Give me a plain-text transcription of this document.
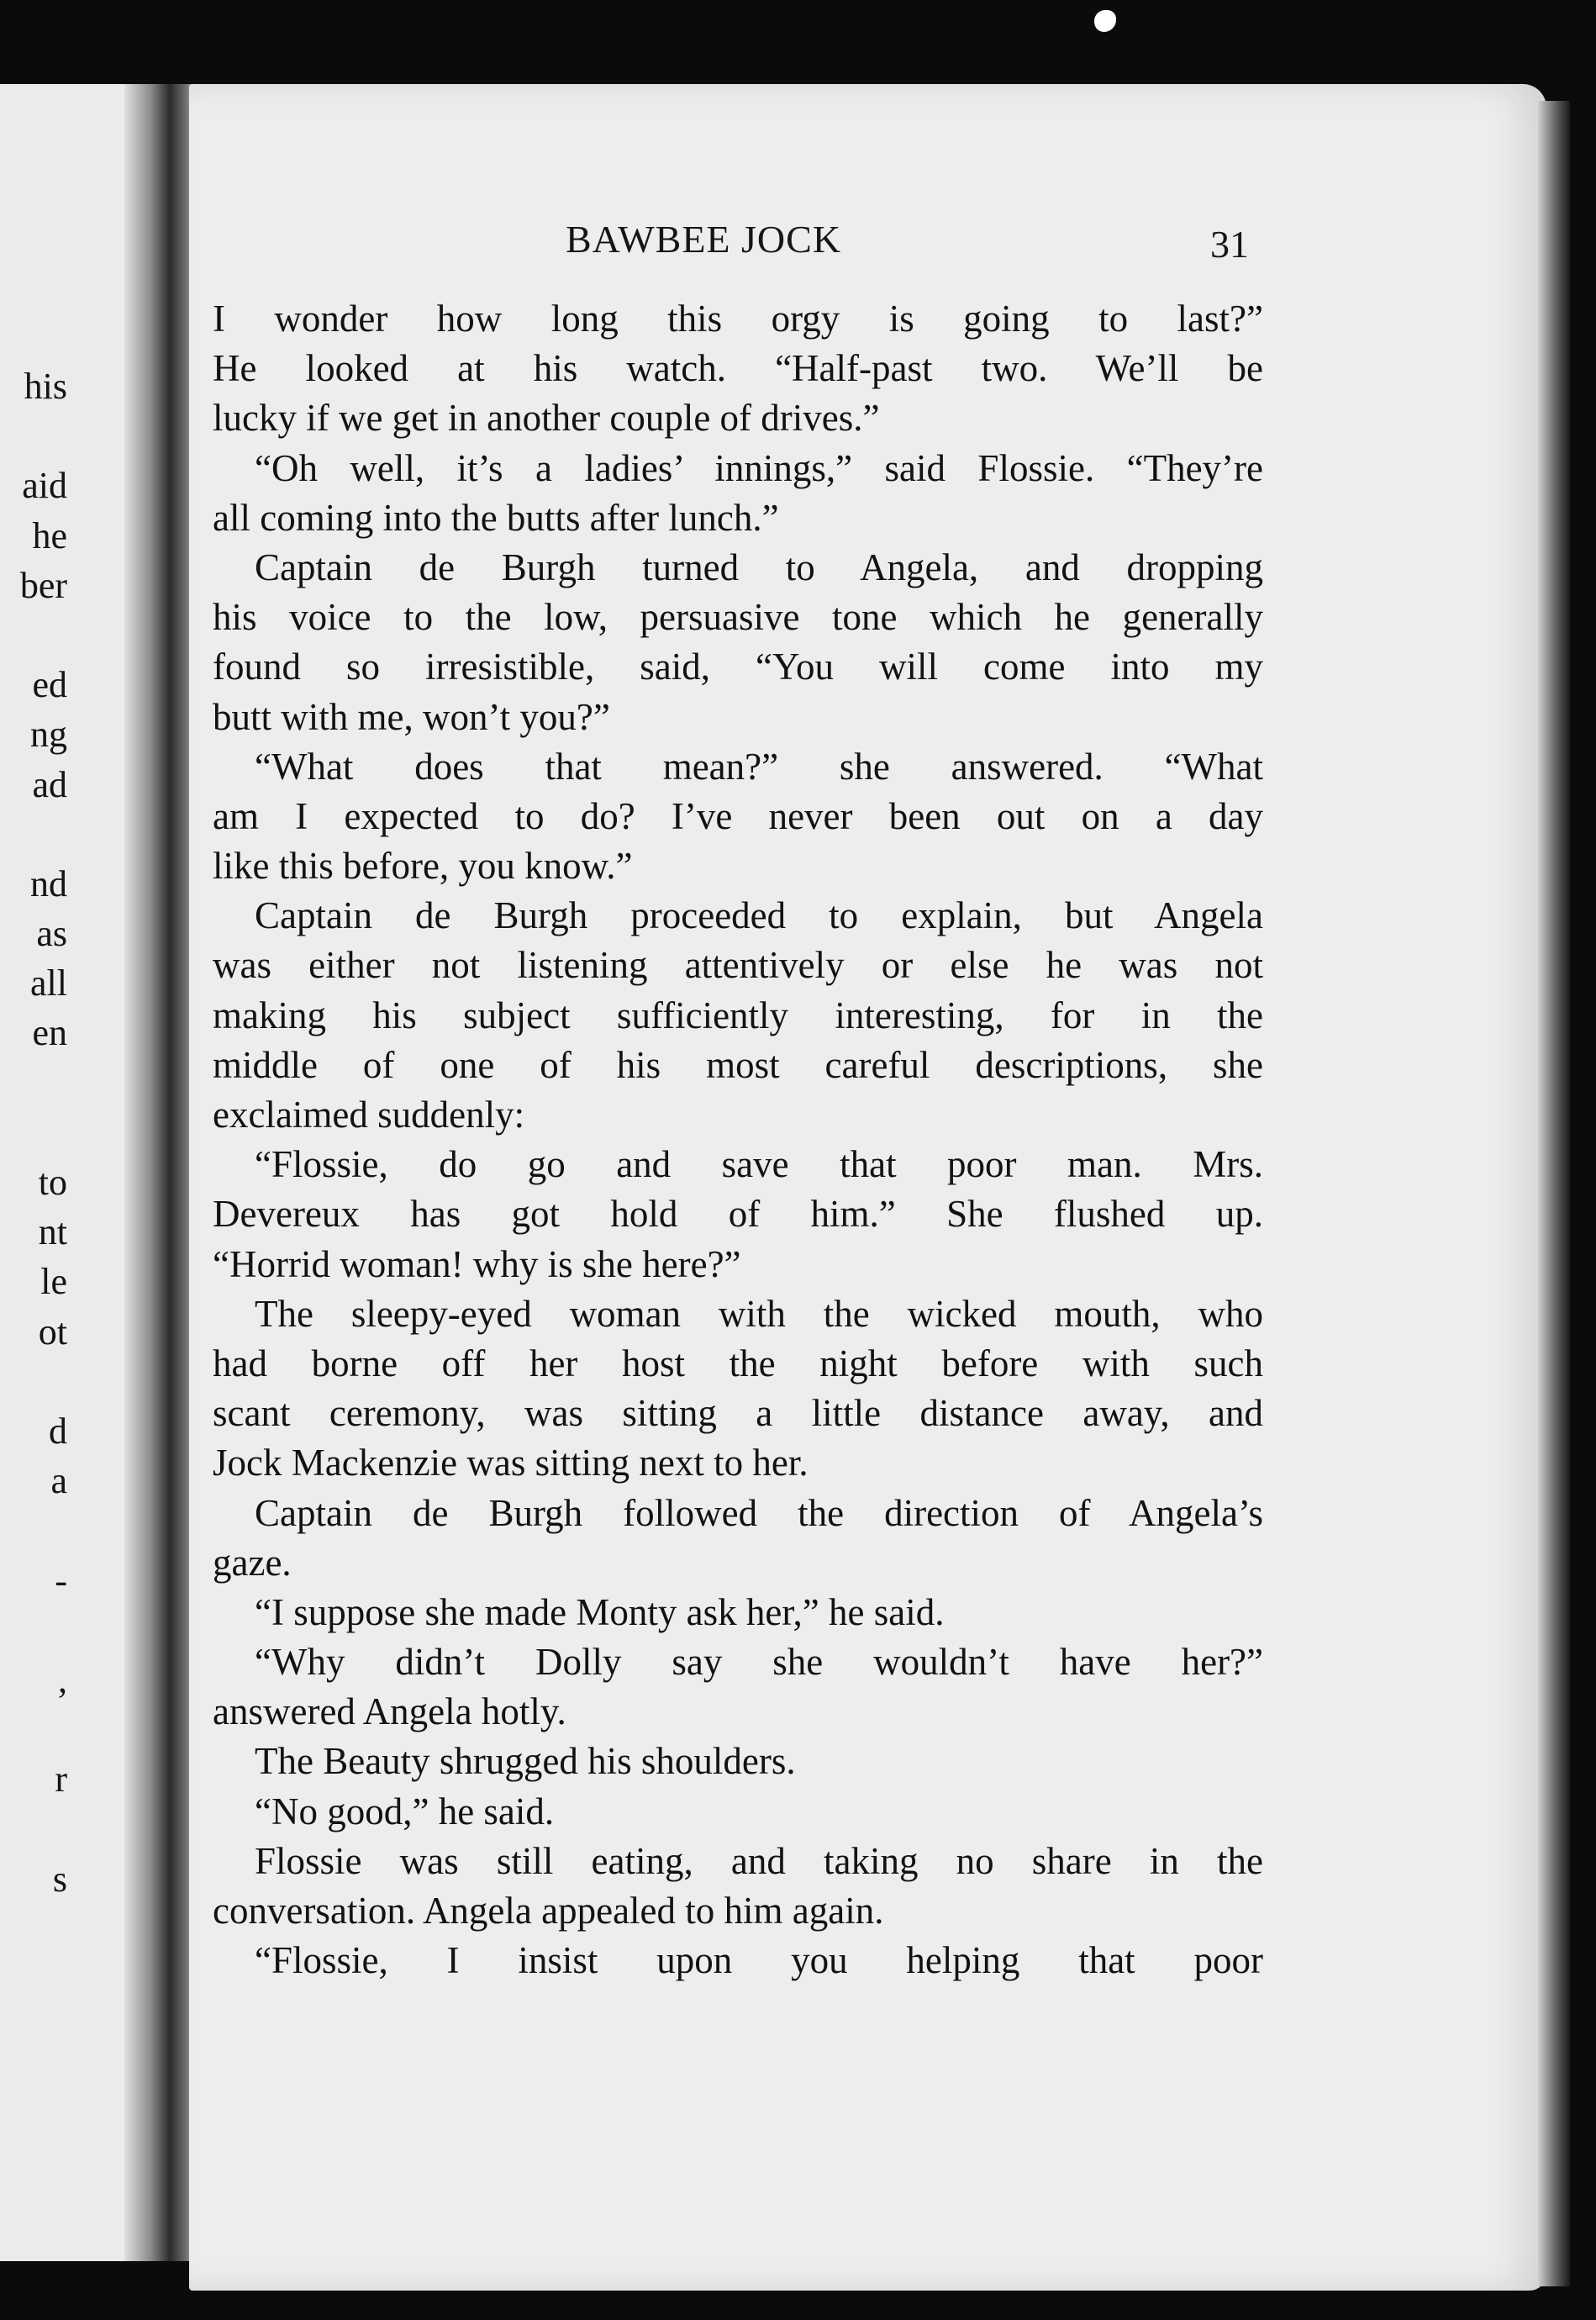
his
aid
he
ber
ed
ng
ad
nd
as
all
en
to
nt
le
ot
d
a
-
,
r
s
BAWBEE JOCK	31
I wonder how long this orgy is going to last?”
He looked at his watch. “Half-past two. We’ll be
lucky if we get in another couple of drives.”
“Oh well, it’s a ladies’ innings,” said Flossie. “They’re
all coming into the butts after lunch.”
Captain de Burgh turned to Angela, and dropping
his voice to the low, persuasive tone which he generally
found so irresistible, said, “You will come into my
butt with me, won’t you?”
“What does that mean?” she answered. “What
am I expected to do? I’ve never been out on a day
like this before, you know.”
Captain de Burgh proceeded to explain, but Angela
was either not listening attentively or else he was not
making his subject sufficiently interesting, for in the
middle of one of his most careful descriptions, she
exclaimed suddenly:
“Flossie, do go and save that poor man. Mrs.
Devereux has got hold of him.” She flushed up.
“Horrid woman! why is she here?”
The sleepy-eyed woman with the wicked mouth, who
had borne off her host the night before with such
scant ceremony, was sitting a little distance away, and
Jock Mackenzie was sitting next to her.
Captain de Burgh followed the direction of Angela’s
gaze.
“I suppose she made Monty ask her,” he said.
“Why didn’t Dolly say she wouldn’t have her?”
answered Angela hotly.
The Beauty shrugged his shoulders.
“No good,” he said.
Flossie was still eating, and taking no share in the
conversation. Angela appealed to him again.
“Flossie, I insist upon you helping that poor
